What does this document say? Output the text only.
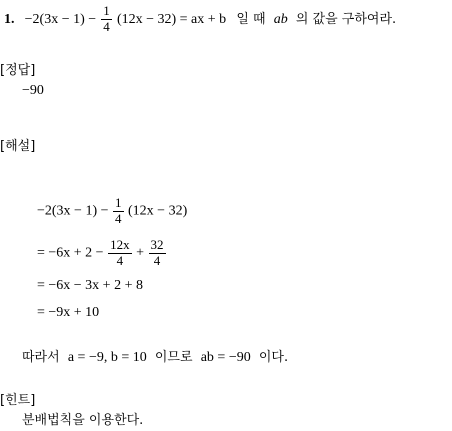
1. $-2(3x - 1) - \frac{1}{4} (12x - 32)$ = ax + b 일 때 ab 의 값을 구하여라.
[정답]
−90
[해설]
$-2(3x - 1) - \frac{1}{4} (12x - 32)$
= $-6x + 2 - \frac{12x}{4} + \frac{32}{4}$
= −6x − 3x + 2 + 8
= −9x + 10
따라서 a = −9, b = 10 이므로 ab = −90 이다.
[힌트]
분배법칙을 이용한다.
